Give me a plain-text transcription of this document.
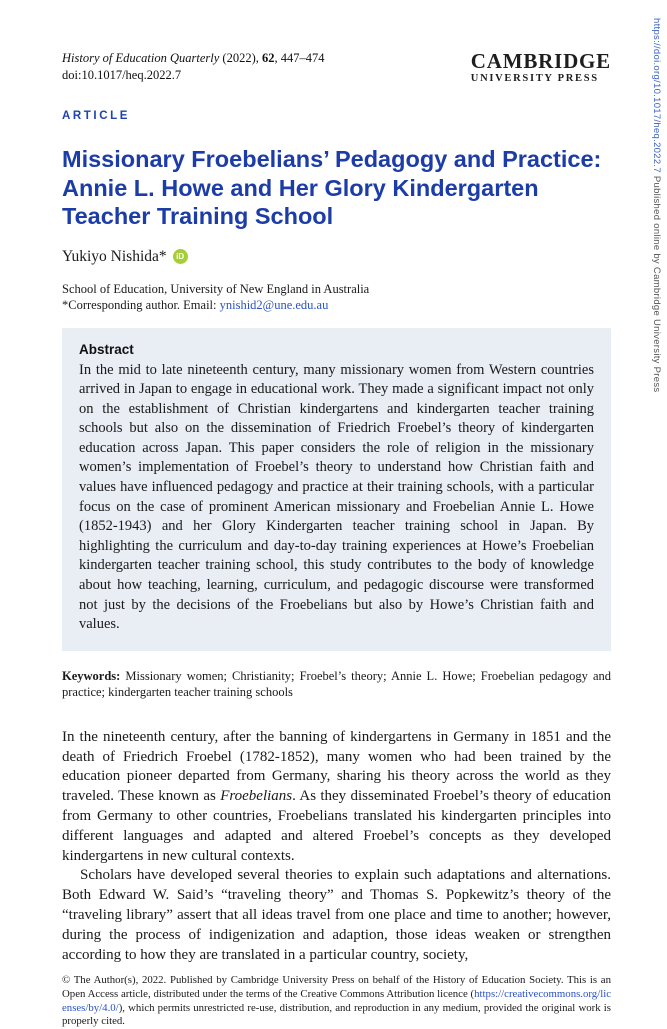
https://doi.org/10.1017/heq.2022.7 Published online by Cambridge University Press
History of Education Quarterly (2022), 62, 447–474
doi:10.1017/heq.2022.7
CAMBRIDGE
UNIVERSITY PRESS
ARTICLE
Missionary Froebelians’ Pedagogy and Practice: Annie L. Howe and Her Glory Kindergarten Teacher Training School
Yukiyo Nishida*	iD
School of Education, University of New England in Australia
*Corresponding author. Email: ynishid2@une.edu.au
Abstract
In the mid to late nineteenth century, many missionary women from Western countries arrived in Japan to engage in educational work. They made a significant impact not only on the establishment of Christian kindergartens and kindergarten teacher training schools but also on the dissemination of Friedrich Froebel’s theory of kindergarten education across Japan. This paper considers the role of religion in the missionary women’s implementation of Froebel’s theory to understand how Christian faith and values have influenced pedagogy and practice at their training schools, with a particular focus on the case of prominent American missionary and Froebelian Annie L. Howe (1852-1943) and her Glory Kindergarten teacher training school in Japan. By highlighting the curriculum and day-to-day training experiences at Howe’s Froebelian kindergarten teacher training school, this study contributes to the body of knowledge about how teaching, learning, curriculum, and pedagogic discourse were transformed not just by the decisions of the Froebelians but also by Howe’s Christian faith and values.
Keywords: Missionary women; Christianity; Froebel’s theory; Annie L. Howe; Froebelian pedagogy and practice; kindergarten teacher training schools

In the nineteenth century, after the banning of kindergartens in Germany in 1851 and the death of Friedrich Froebel (1782-1852), many women who had been trained by the education pioneer departed from Germany, sharing his theory across the world as they traveled. These known as Froebelians. As they disseminated Froebel’s theory of education from Germany to other countries, Froebelians translated his kindergarten principles into different languages and adapted and altered Froebel’s concepts as they developed kindergartens in new cultural contexts.

Scholars have developed several theories to explain such adaptations and alternations. Both Edward W. Said’s “traveling theory” and Thomas S. Popkewitz’s theory of the “traveling library” assert that all ideas travel from one place and time to another; however, during the process of indigenization and adaption, those ideas weaken or strengthen according to how they are translated in a particular country, society,

© The Author(s), 2022. Published by Cambridge University Press on behalf of the History of Education Society. This is an Open Access article, distributed under the terms of the Creative Commons Attribution licence (https://creativecommons.org/licenses/by/4.0/), which permits unrestricted re-use, distribution, and reproduction in any medium, provided the original work is properly cited.
